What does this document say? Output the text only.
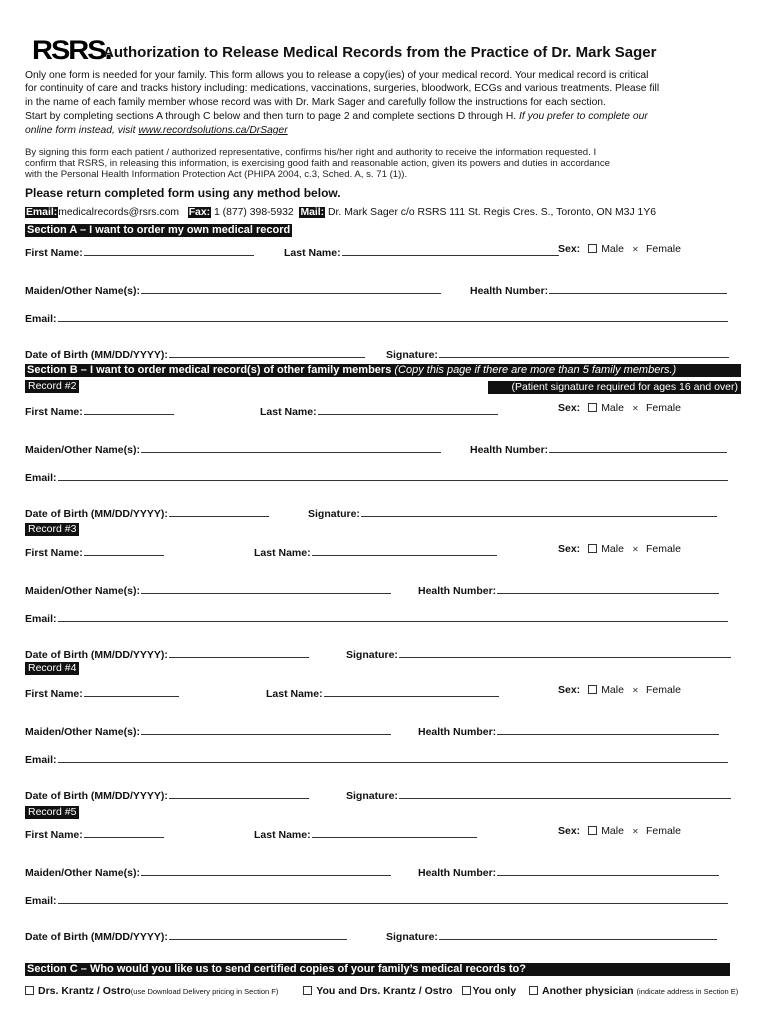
RSRS.
Authorization to Release Medical Records from the Practice of Dr. Mark Sager
Only one form is needed for your family. This form allows you to release a copy(ies) of your medical record. Your medical record is critical
for continuity of care and tracks history including: medications, vaccinations, surgeries, bloodwork, ECGs and various treatments. Please fill
in the name of each family member whose record was with Dr. Mark Sager and carefully follow the instructions for each section.
Start by completing sections A through C below and then turn to page 2 and complete sections D through H. If you prefer to complete our
online form instead, visit www.recordsolutions.ca/DrSager
By signing this form each patient / authorized representative, confirms his/her right and authority to receive the information requested. I
confirm that RSRS, in releasing this information, is exercising good faith and reasonable action, given its powers and duties in accordance
with the Personal Health Information Protection Act (PHIPA 2004, c.3, Sched. A, s. 71 (1)).
Please return completed form using any method below.
Email:medicalrecords@rsrs.com Fax: 1 (877) 398-5932 Mail: Dr. Mark Sager c/o RSRS 111 St. Regis Cres. S., Toronto, ON M3J 1Y6
Section A – I want to order my own medical record
First Name:	Last Name:	Sex: Male ✕ Female
Maiden/Other Name(s):	Health Number:
Email:
Date of Birth (MM/DD/YYYY):	Signature:
Record #2
First Name:	Last Name:	Sex: Male ✕ Female
Maiden/Other Name(s):	Health Number:
Email:
Date of Birth (MM/DD/YYYY):	Signature:
Record #3
First Name:	Last Name:	Sex: Male ✕ Female
Maiden/Other Name(s):	Health Number:
Email:
Date of Birth (MM/DD/YYYY):	Signature:
Record #4
First Name:	Last Name:	Sex: Male ✕ Female
Maiden/Other Name(s):	Health Number:
Email:
Date of Birth (MM/DD/YYYY):	Signature:
Record #5
First Name:	Last Name:	Sex: Male ✕ Female
Maiden/Other Name(s):	Health Number:
Email:
Date of Birth (MM/DD/YYYY):	Signature:
Section B – I want to order medical record(s) of other family members (Copy this page if there are more than 5 family members.)
(Patient signature required for ages 16 and over)
Section C – Who would you like us to send certified copies of your family’s medical records to?
Drs. Krantz / Ostro(use Download Delivery pricing in Section F)	You and Drs. Krantz / Ostro You only Another physician (indicate address in Section E)
